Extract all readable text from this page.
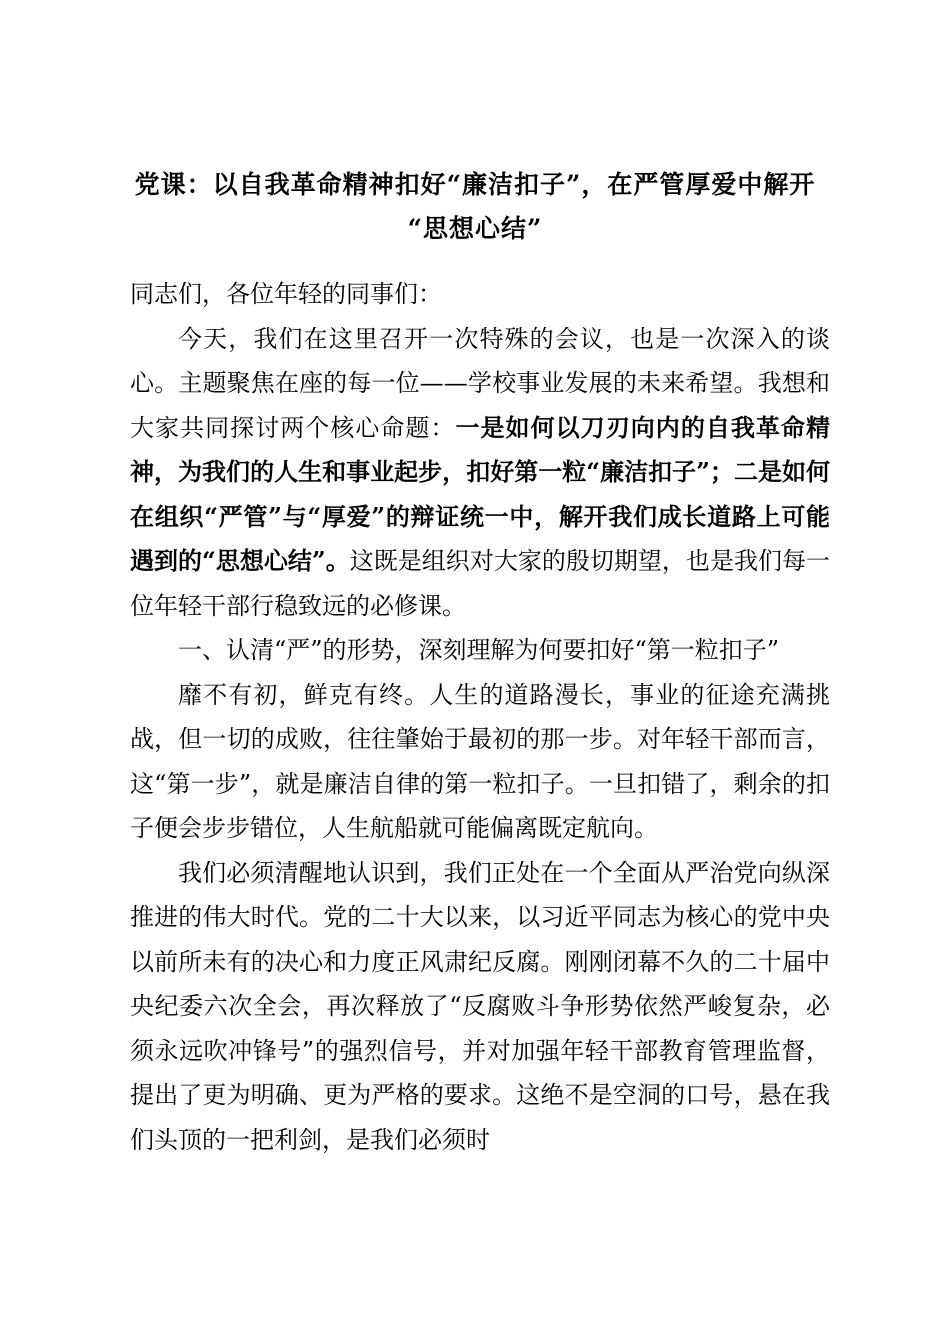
党课：以自我革命精神扣好“廉洁扣子”，在严管厚爱中解开
“思想心结”

同志们，各位年轻的同事们：

今天，我们在这里召开一次特殊的会议，也是一次深入的谈心。主题聚焦在座的每一位——学校事业发展的未来希望。我想和大家共同探讨两个核心命题：一是如何以刀刃向内的自我革命精神，为我们的人生和事业起步，扣好第一粒“廉洁扣子”；二是如何在组织“严管”与“厚爱”的辩证统一中，解开我们成长道路上可能遇到的“思想心结”。这既是组织对大家的殷切期望，也是我们每一位年轻干部行稳致远的必修课。

一、认清“严”的形势，深刻理解为何要扣好“第一粒扣子”

靡不有初，鲜克有终。人生的道路漫长，事业的征途充满挑战，但一切的成败，往往肇始于最初的那一步。对年轻干部而言，这“第一步”，就是廉洁自律的第一粒扣子。一旦扣错了，剩余的扣子便会步步错位，人生航船就可能偏离既定航向。

我们必须清醒地认识到，我们正处在一个全面从严治党向纵深推进的伟大时代。党的二十大以来，以习近平同志为核心的党中央以前所未有的决心和力度正风肃纪反腐。刚刚闭幕不久的二十届中央纪委六次全会，再次释放了“反腐败斗争形势依然严峻复杂，必须永远吹冲锋号”的强烈信号，并对加强年轻干部教育管理监督，提出了更为明确、更为严格的要求。这绝不是空洞的口号，悬在我们头顶的一把利剑，是我们必须时
